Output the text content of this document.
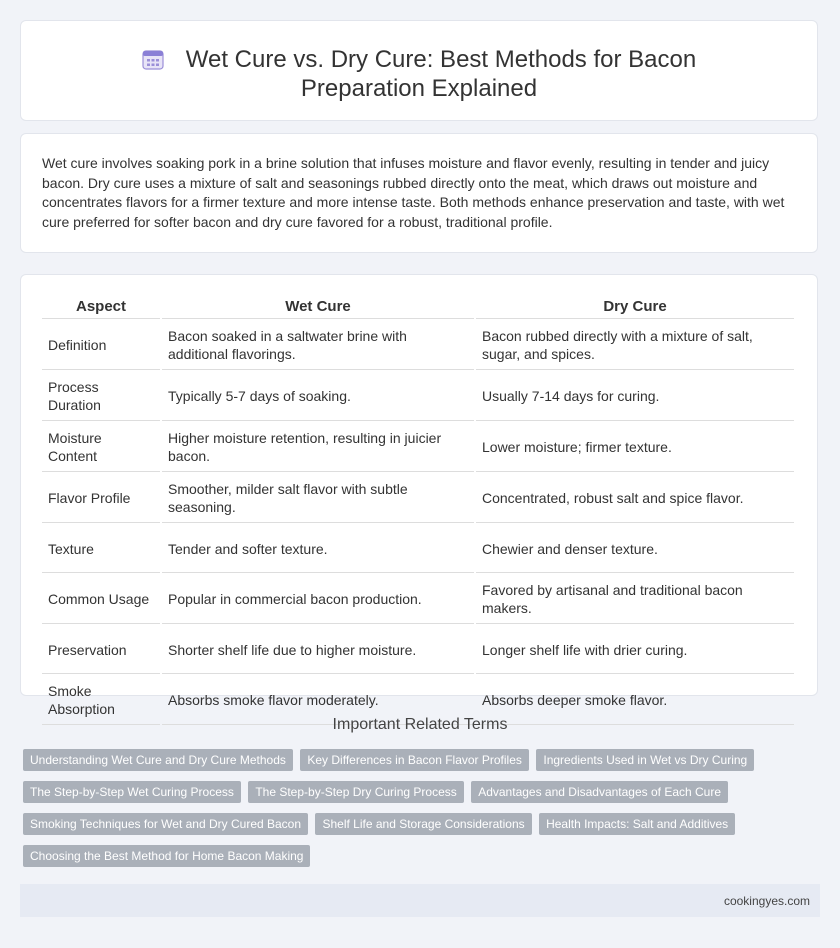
Wet Cure vs. Dry Cure: Best Methods for Bacon Preparation Explained

Wet cure involves soaking pork in a brine solution that infuses moisture and flavor evenly, resulting in tender and juicy bacon. Dry cure uses a mixture of salt and seasonings rubbed directly onto the meat, which draws out moisture and concentrates flavors for a firmer texture and more intense taste. Both methods enhance preservation and taste, with wet cure preferred for softer bacon and dry cure favored for a robust, traditional profile.

Aspect	Wet Cure	Dry Cure
Definition	Bacon soaked in a saltwater brine with additional flavorings.	Bacon rubbed directly with a mixture of salt, sugar, and spices.
Process Duration	Typically 5-7 days of soaking.	Usually 7-14 days for curing.
Moisture Content	Higher moisture retention, resulting in juicier bacon.	Lower moisture; firmer texture.
Flavor Profile	Smoother, milder salt flavor with subtle seasoning.	Concentrated, robust salt and spice flavor.
Texture	Tender and softer texture.	Chewier and denser texture.
Common Usage	Popular in commercial bacon production.	Favored by artisanal and traditional bacon makers.
Preservation	Shorter shelf life due to higher moisture.	Longer shelf life with drier curing.
Smoke Absorption	Absorbs smoke flavor moderately.	Absorbs deeper smoke flavor.
Important Related Terms
Understanding Wet Cure and Dry Cure Methods Key Differences in Bacon Flavor Profiles Ingredients Used in Wet vs Dry Curing The Step-by-Step Wet Curing Process The Step-by-Step Dry Curing Process Advantages and Disadvantages of Each Cure Smoking Techniques for Wet and Dry Cured Bacon Shelf Life and Storage Considerations Health Impacts: Salt and Additives Choosing the Best Method for Home Bacon Making
cookingyes.com
